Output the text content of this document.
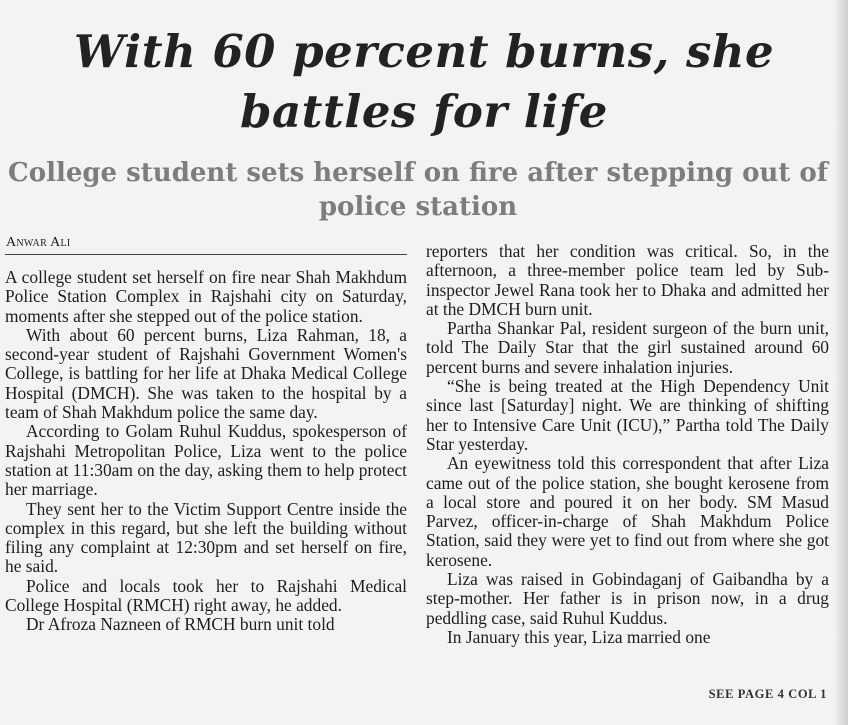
With 60 percent burns, she battles for life
College student sets herself on fire after stepping out of police station
Anwar Ali

A college student set herself on fire near Shah Makhdum Police Station Complex in Rajshahi city on Saturday, moments after she stepped out of the police station.

With about 60 percent burns, Liza Rahman, 18, a second-year student of Rajshahi Government Women's College, is battling for her life at Dhaka Medical College Hospital (DMCH). She was taken to the hospital by a team of Shah Makhdum police the same day.

According to Golam Ruhul Kuddus, spokesperson of Rajshahi Metropolitan Police, Liza went to the police station at 11:30am on the day, asking them to help protect her marriage.

They sent her to the Victim Support Centre inside the complex in this regard, but she left the building without filing any complaint at 12:30pm and set herself on fire, he said.

Police and locals took her to Rajshahi Medical College Hospital (RMCH) right away, he added.

Dr Afroza Nazneen of RMCH burn unit told

reporters that her condition was critical. So, in the afternoon, a three-member police team led by Sub-inspector Jewel Rana took her to Dhaka and admitted her at the DMCH burn unit.

Partha Shankar Pal, resident surgeon of the burn unit, told The Daily Star that the girl sustained around 60 percent burns and severe inhalation injuries.

“She is being treated at the High Dependency Unit since last [Saturday] night. We are thinking of shifting her to Intensive Care Unit (ICU),” Partha told The Daily Star yesterday.

An eyewitness told this correspondent that after Liza came out of the police station, she bought kerosene from a local store and poured it on her body. SM Masud Parvez, officer-in-charge of Shah Makhdum Police Station, said they were yet to find out from where she got kerosene.

Liza was raised in Gobindaganj of Gaibandha by a step-mother. Her father is in prison now, in a drug peddling case, said Ruhul Kuddus.

In January this year, Liza married one

SEE PAGE 4 COL 1
